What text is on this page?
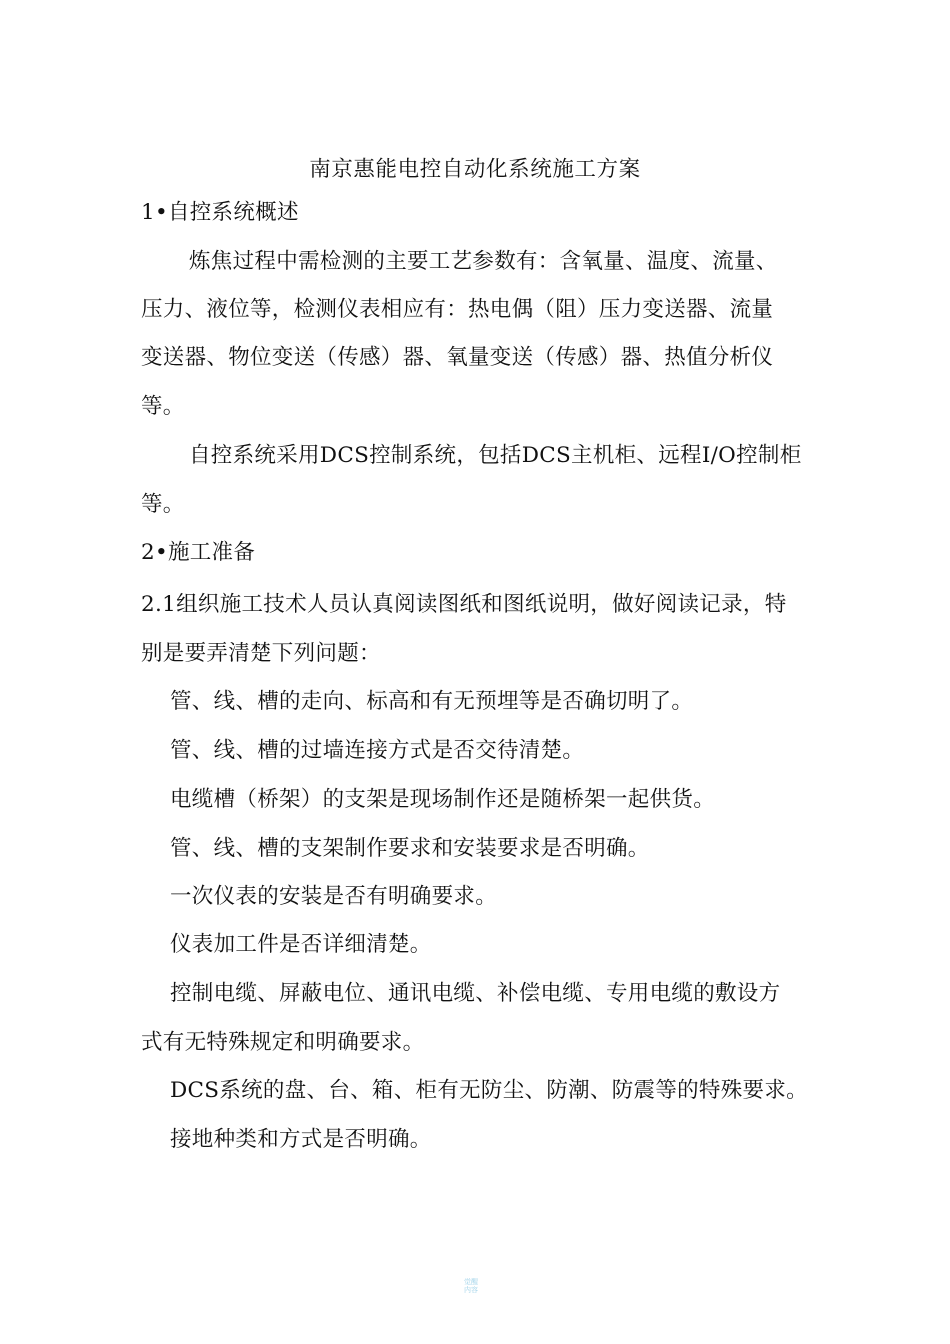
南京惠能电控自动化系统施工方案
1•自控系统概述
炼焦过程中需检测的主要工艺参数有：含氧量、温度、流量、
压力、液位等，检测仪表相应有：热电偶（阻）压力变送器、流量
变送器、物位变送（传感）器、氧量变送（传感）器、热值分析仪
等。
自控系统采用DCS控制系统，包括DCS主机柜、远程I/O控制柜
等。
2•施工准备
2.1组织施工技术人员认真阅读图纸和图纸说明，做好阅读记录，特
别是要弄清楚下列问题：
管、线、槽的走向、标高和有无预埋等是否确切明了。
管、线、槽的过墙连接方式是否交待清楚。
电缆槽（桥架）的支架是现场制作还是随桥架一起供货。
管、线、槽的支架制作要求和安装要求是否明确。
一次仪表的安装是否有明确要求。
仪表加工件是否详细清楚。
控制电缆、屏蔽电位、通讯电缆、补偿电缆、专用电缆的敷设方
式有无特殊规定和明确要求。
DCS系统的盘、台、箱、柜有无防尘、防潮、防震等的特殊要求。
接地种类和方式是否明确。
觉醒
内容
